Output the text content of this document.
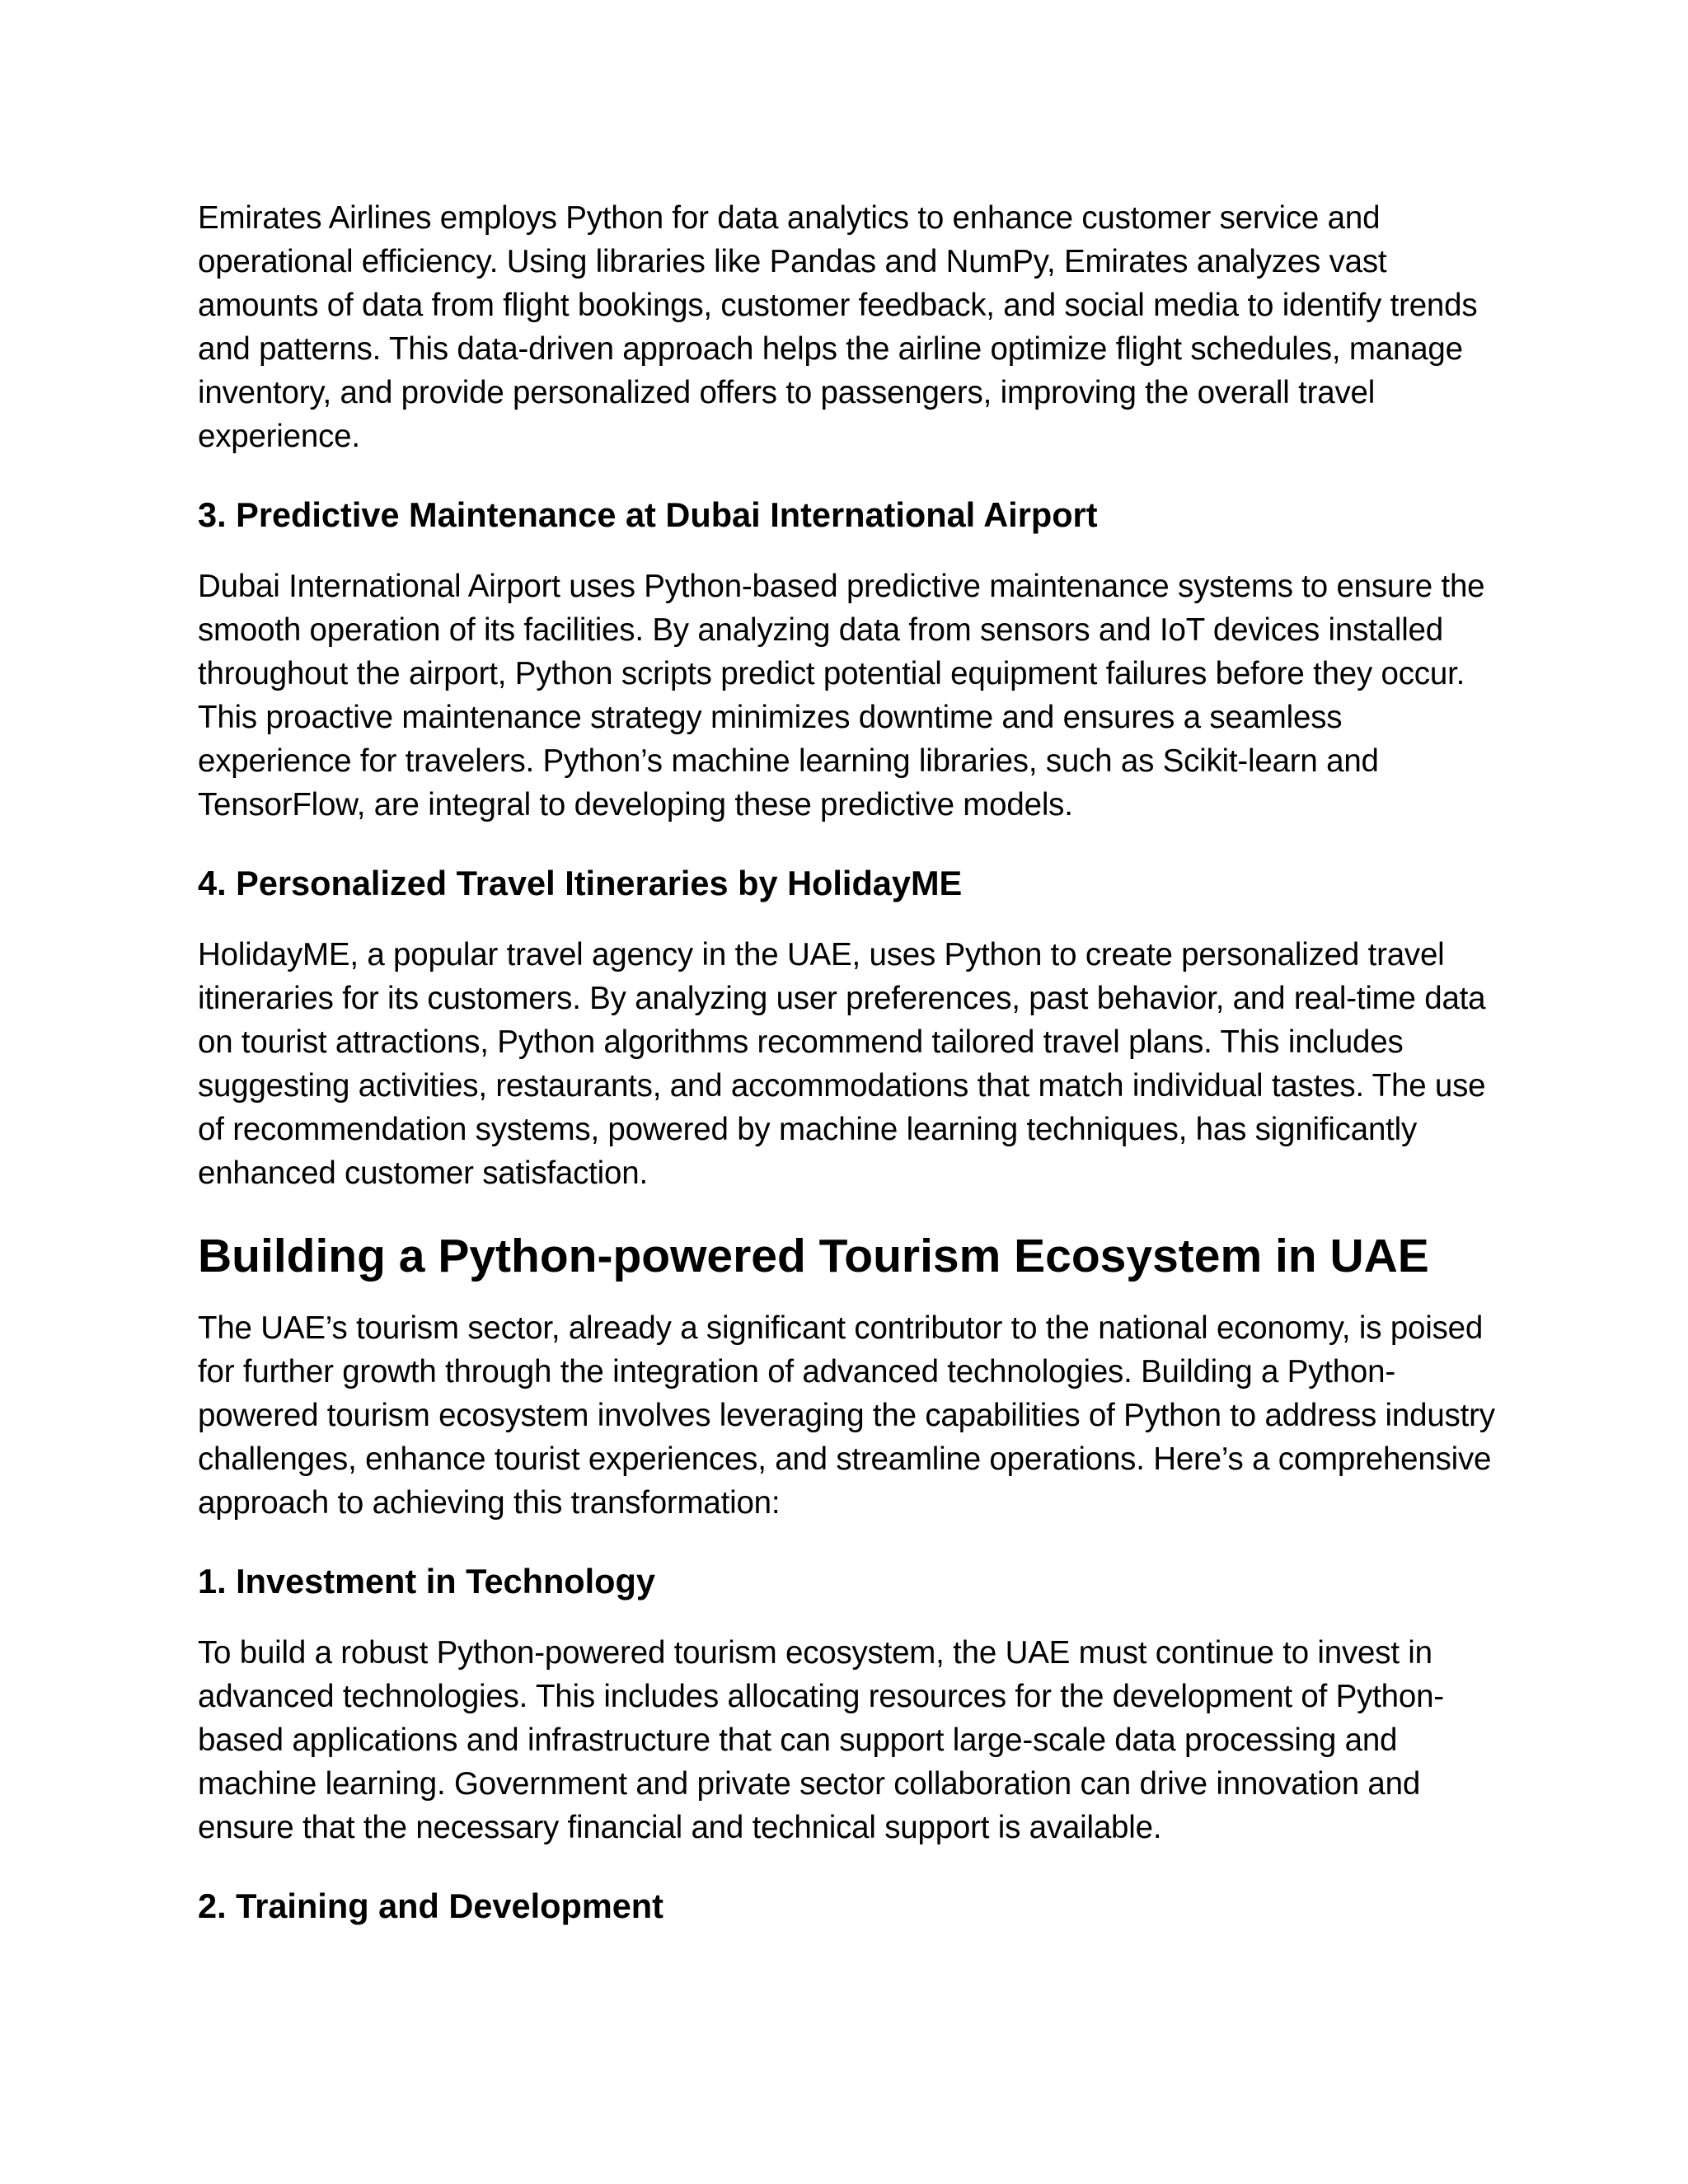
Emirates Airlines employs Python for data analytics to enhance customer service and operational efficiency. Using libraries like Pandas and NumPy, Emirates analyzes vast amounts of data from flight bookings, customer feedback, and social media to identify trends and patterns. This data-driven approach helps the airline optimize flight schedules, manage inventory, and provide personalized offers to passengers, improving the overall travel experience.

3. Predictive Maintenance at Dubai International Airport

Dubai International Airport uses Python-based predictive maintenance systems to ensure the smooth operation of its facilities. By analyzing data from sensors and IoT devices installed throughout the airport, Python scripts predict potential equipment failures before they occur. This proactive maintenance strategy minimizes downtime and ensures a seamless experience for travelers. Python’s machine learning libraries, such as Scikit-learn and TensorFlow, are integral to developing these predictive models.

4. Personalized Travel Itineraries by HolidayME

HolidayME, a popular travel agency in the UAE, uses Python to create personalized travel itineraries for its customers. By analyzing user preferences, past behavior, and real-time data on tourist attractions, Python algorithms recommend tailored travel plans. This includes suggesting activities, restaurants, and accommodations that match individual tastes. The use of recommendation systems, powered by machine learning techniques, has significantly enhanced customer satisfaction.

Building a Python-powered Tourism Ecosystem in UAE

The UAE’s tourism sector, already a significant contributor to the national economy, is poised for further growth through the integration of advanced technologies. Building a Python-powered tourism ecosystem involves leveraging the capabilities of Python to address industry challenges, enhance tourist experiences, and streamline operations. Here’s a comprehensive approach to achieving this transformation:

1. Investment in Technology

To build a robust Python-powered tourism ecosystem, the UAE must continue to invest in advanced technologies. This includes allocating resources for the development of Python-based applications and infrastructure that can support large-scale data processing and machine learning. Government and private sector collaboration can drive innovation and ensure that the necessary financial and technical support is available.

2. Training and Development
